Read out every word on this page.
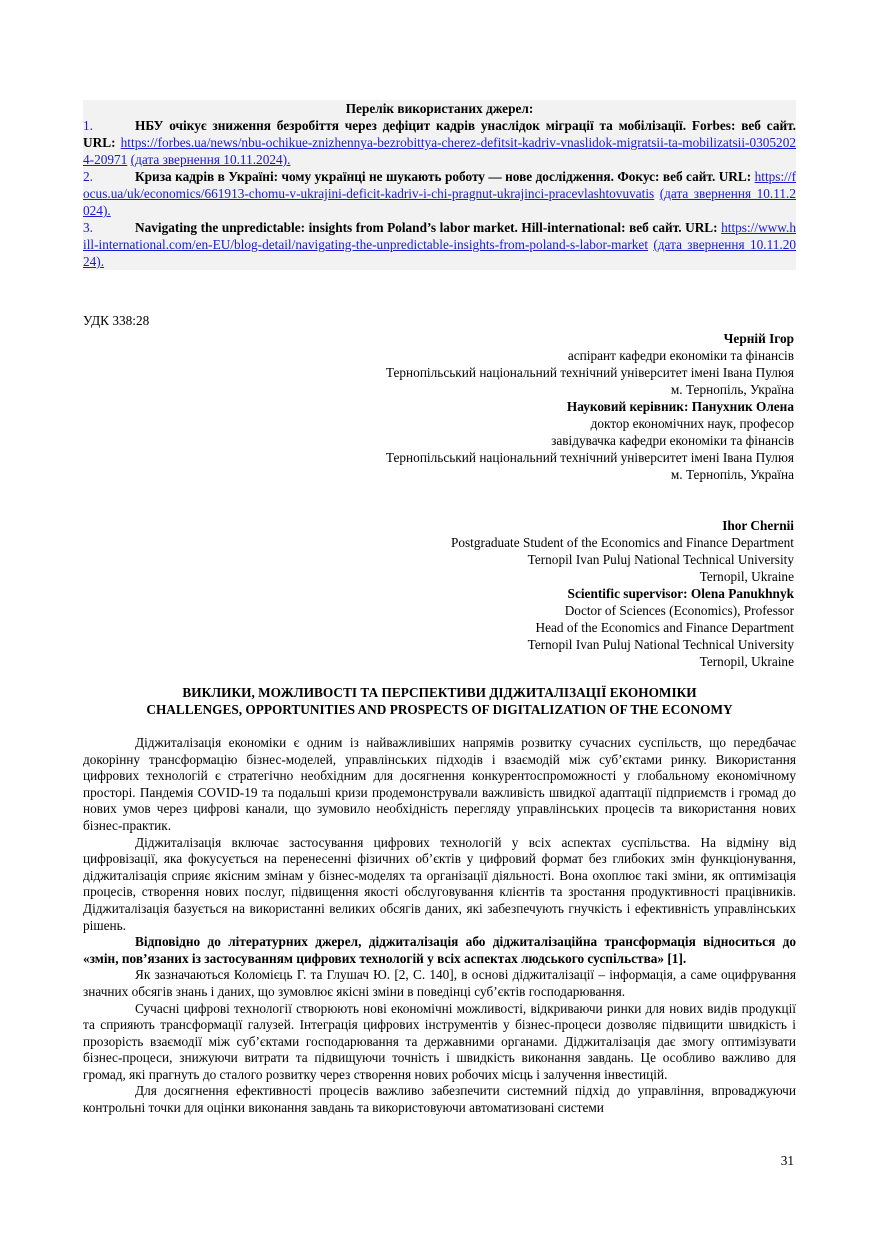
Перелік використаних джерел:
1.	НБУ очікує зниження безробіття через дефіцит кадрів унаслідок міграції та мобілізації. Forbes: веб сайт. URL: https://forbes.ua/news/nbu-ochikue-znizhennya-bezrobittya-cherez-defitsit-kadriv-vnaslidok-migratsii-ta-mobilizatsii-03052024-20971 (дата звернення 10.11.2024).
2.	Криза кадрів в Україні: чому українці не шукають роботу — нове дослідження. Фокус: веб сайт. URL: https://focus.ua/uk/economics/661913-chomu-v-ukrajini-deficit-kadriv-i-chi-pragnut-ukrajinci-pracevlashtovuvatis (дата звернення 10.11.2024).
3.	Navigating the unpredictable: insights from Poland’s labor market. Hill-international: веб сайт. URL: https://www.hill-international.com/en-EU/blog-detail/navigating-the-unpredictable-insights-from-poland-s-labor-market (дата звернення 10.11.2024).
УДК 338:28
Черній Ігор
аспірант кафедри економіки та фінансів
Тернопільський національний технічний університет імені Івана Пулюя
м. Тернопіль, Україна
Науковий керівник: Панухник Олена
доктор економічних наук, професор
завідувачка кафедри економіки та фінансів
Тернопільський національний технічний університет імені Івана Пулюя
м. Тернопіль, Україна
Ihor Chernii
Postgraduate Student of the Economics and Finance Department
Ternopil Ivan Puluj National Technical University
Ternopil, Ukraine
Scientific supervisor: Olena Panukhnyk
Doctor of Sciences (Economics), Professor
Head of the Economics and Finance Department
Ternopil Ivan Puluj National Technical University
Ternopil, Ukraine
ВИКЛИКИ, МОЖЛИВОСТІ ТА ПЕРСПЕКТИВИ ДІДЖИТАЛІЗАЦІЇ ЕКОНОМІКИ
CHALLENGES, OPPORTUNITIES AND PROSPECTS OF DIGITALIZATION OF THE ECONOMY

Діджиталізація економіки є одним із найважливіших напрямів розвитку сучасних суспільств, що передбачає докорінну трансформацію бізнес-моделей, управлінських підходів і взаємодій між суб’єктами ринку. Використання цифрових технологій є стратегічно необхідним для досягнення конкурентоспроможності у глобальному економічному просторі. Пандемія COVID-19 та подальші кризи продемонстрували важливість швидкої адаптації підприємств і громад до нових умов через цифрові канали, що зумовило необхідність перегляду управлінських процесів та використання нових бізнес-практик.

Діджиталізація включає застосування цифрових технологій у всіх аспектах суспільства. На відміну від цифровізації, яка фокусується на перенесенні фізичних об’єктів у цифровий формат без глибоких змін функціонування, діджиталізація сприяє якісним змінам у бізнес-моделях та організації діяльності. Вона охоплює такі зміни, як оптимізація процесів, створення нових послуг, підвищення якості обслуговування клієнтів та зростання продуктивності працівників. Діджиталізація базується на використанні великих обсягів даних, які забезпечують гнучкість і ефективність управлінських рішень.

Відповідно до літературних джерел, діджиталізація або діджиталізаційна трансформація відноситься до «змін, пов’язаних із застосуванням цифрових технологій у всіх аспектах людського суспільства» [1].

Як зазначаються Коломієць Г. та Глушач Ю. [2, С. 140], в основі діджиталізації – інформація, а саме оцифрування значних обсягів знань і даних, що зумовлює якісні зміни в поведінці суб’єктів господарювання.

Сучасні цифрові технології створюють нові економічні можливості, відкриваючи ринки для нових видів продукції та сприяють трансформації галузей. Інтеграція цифрових інструментів у бізнес-процеси дозволяє підвищити швидкість і прозорість взаємодії між суб’єктами господарювання та державними органами. Діджиталізація дає змогу оптимізувати бізнес-процеси, знижуючи витрати та підвищуючи точність і швидкість виконання завдань. Це особливо важливо для громад, які прагнуть до сталого розвитку через створення нових робочих місць і залучення інвестицій.

Для досягнення ефективності процесів важливо забезпечити системний підхід до управління, впроваджуючи контрольні точки для оцінки виконання завдань та використовуючи автоматизовані системи

31
